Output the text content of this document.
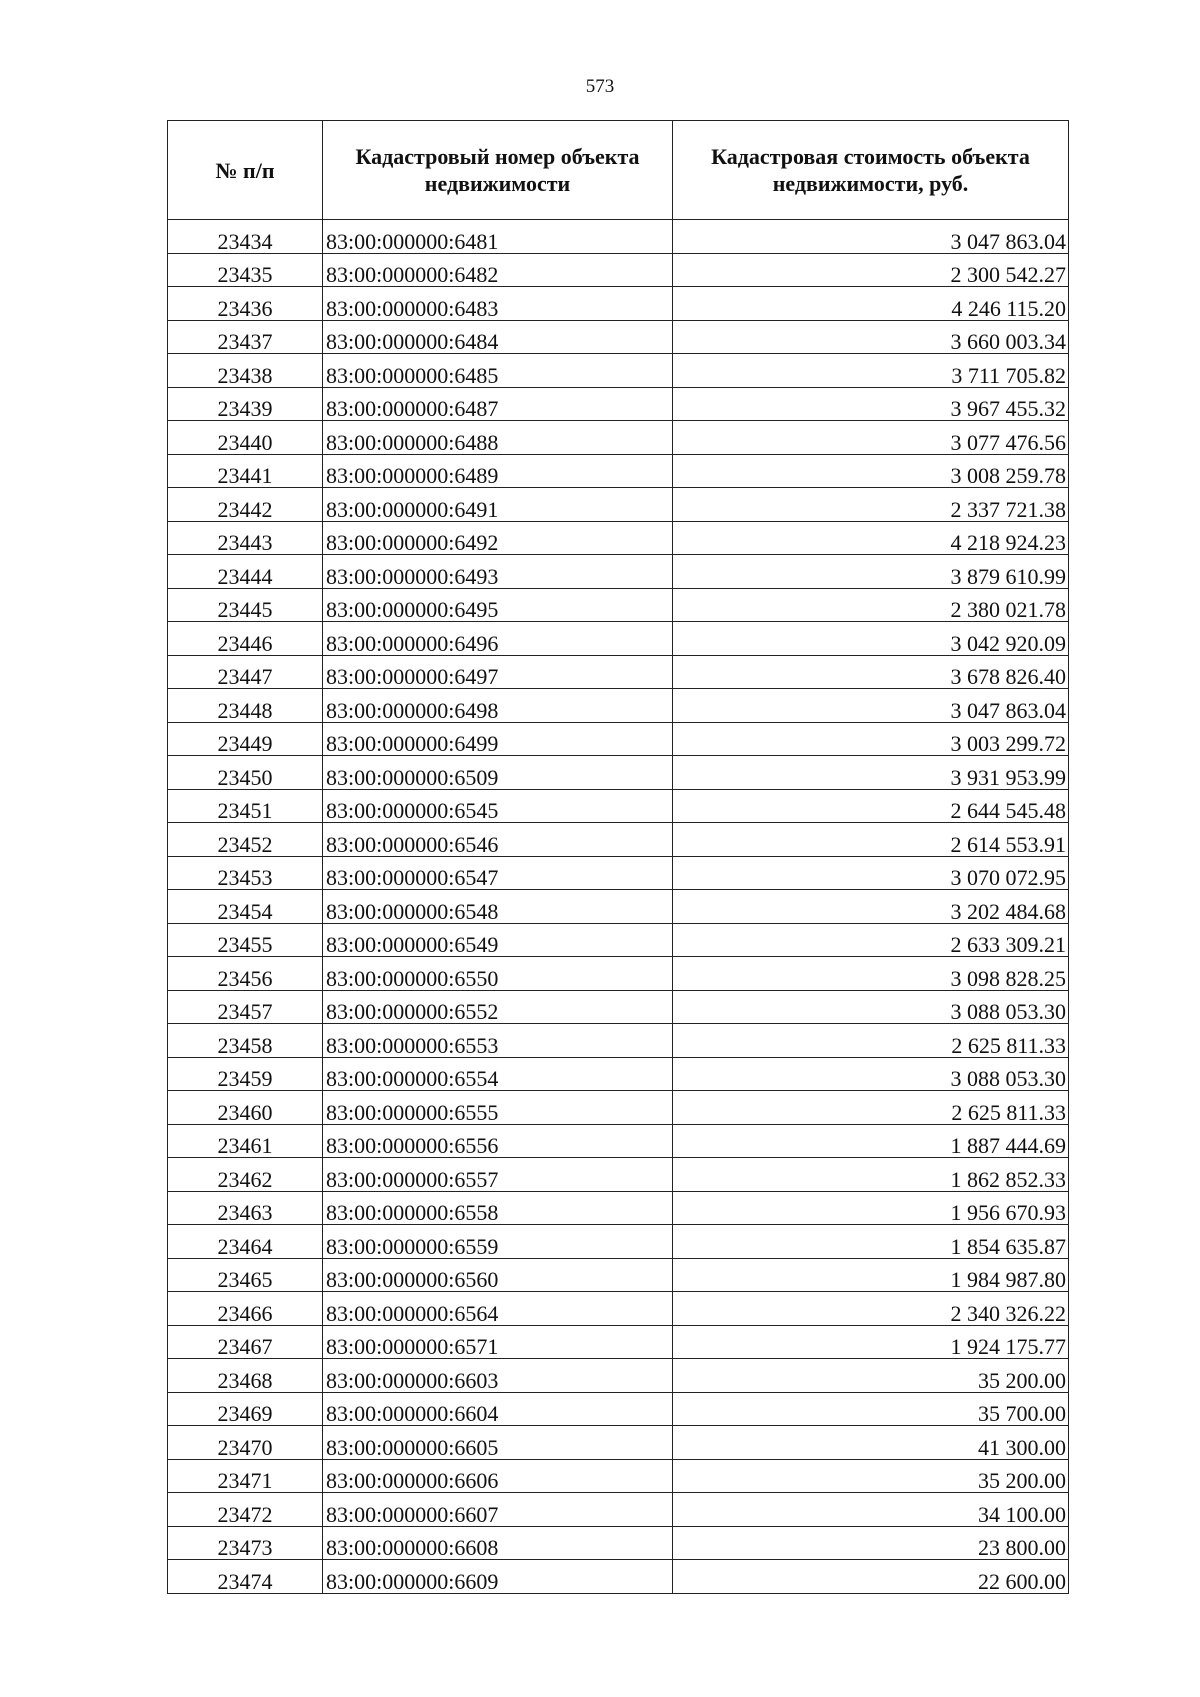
573
№ п/п	Кадастровый номер объекта недвижимости	Кадастровая стоимость объекта недвижимости, руб.
23434	83:00:000000:6481	3 047 863.04
23435	83:00:000000:6482	2 300 542.27
23436	83:00:000000:6483	4 246 115.20
23437	83:00:000000:6484	3 660 003.34
23438	83:00:000000:6485	3 711 705.82
23439	83:00:000000:6487	3 967 455.32
23440	83:00:000000:6488	3 077 476.56
23441	83:00:000000:6489	3 008 259.78
23442	83:00:000000:6491	2 337 721.38
23443	83:00:000000:6492	4 218 924.23
23444	83:00:000000:6493	3 879 610.99
23445	83:00:000000:6495	2 380 021.78
23446	83:00:000000:6496	3 042 920.09
23447	83:00:000000:6497	3 678 826.40
23448	83:00:000000:6498	3 047 863.04
23449	83:00:000000:6499	3 003 299.72
23450	83:00:000000:6509	3 931 953.99
23451	83:00:000000:6545	2 644 545.48
23452	83:00:000000:6546	2 614 553.91
23453	83:00:000000:6547	3 070 072.95
23454	83:00:000000:6548	3 202 484.68
23455	83:00:000000:6549	2 633 309.21
23456	83:00:000000:6550	3 098 828.25
23457	83:00:000000:6552	3 088 053.30
23458	83:00:000000:6553	2 625 811.33
23459	83:00:000000:6554	3 088 053.30
23460	83:00:000000:6555	2 625 811.33
23461	83:00:000000:6556	1 887 444.69
23462	83:00:000000:6557	1 862 852.33
23463	83:00:000000:6558	1 956 670.93
23464	83:00:000000:6559	1 854 635.87
23465	83:00:000000:6560	1 984 987.80
23466	83:00:000000:6564	2 340 326.22
23467	83:00:000000:6571	1 924 175.77
23468	83:00:000000:6603	35 200.00
23469	83:00:000000:6604	35 700.00
23470	83:00:000000:6605	41 300.00
23471	83:00:000000:6606	35 200.00
23472	83:00:000000:6607	34 100.00
23473	83:00:000000:6608	23 800.00
23474	83:00:000000:6609	22 600.00
